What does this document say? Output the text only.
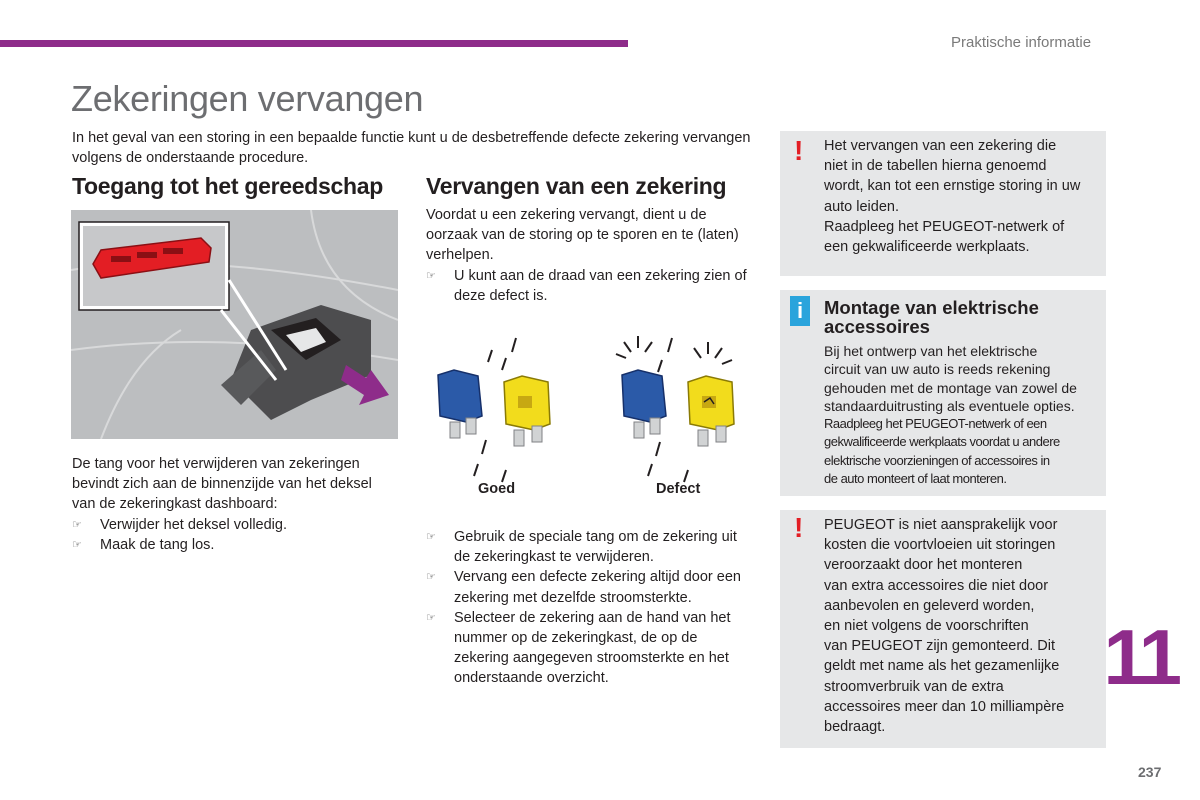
Praktische informatie
Zekeringen vervangen
In het geval van een storing in een bepaalde functie kunt u de desbetreffende defecte zekering vervangen volgens de onderstaande procedure.
Toegang tot het gereedschap
De tang voor het verwijderen van zekeringen bevindt zich aan de binnenzijde van het deksel van de zekeringkast dashboard:
☞ Verwijder het deksel volledig.
☞ Maak de tang los.
Vervangen van een zekering
Voordat u een zekering vervangt, dient u de oorzaak van de storing op te sporen en te (laten) verhelpen.
☞ U kunt aan de draad van een zekering zien of deze defect is.
Goed	Defect
☞ Gebruik de speciale tang om de zekering uit de zekeringkast te verwijderen.
☞ Vervang een defecte zekering altijd door een zekering met dezelfde stroomsterkte.
☞ Selecteer de zekering aan de hand van het nummer op de zekeringkast, de op de zekering aangegeven stroomsterkte en het onderstaande overzicht.
! Het vervangen van een zekering die
niet in de tabellen hierna genoemd
wordt, kan tot een ernstige storing in uw
auto leiden.
Raadpleeg het PEUGEOT-netwerk of
een gekwalificeerde werkplaats.
i	Montage van elektrische
accessoires
Bij het ontwerp van het elektrische
circuit van uw auto is reeds rekening
gehouden met de montage van zowel de
standaarduitrusting als eventuele opties.
Raadpleeg het PEUGEOT-netwerk of een
gekwalificeerde werkplaats voordat u andere
elektrische voorzieningen of accessoires in
de auto monteert of laat monteren.
! PEUGEOT is niet aansprakelijk voor
kosten die voortvloeien uit storingen
veroorzaakt door het monteren
van extra accessoires die niet door
aanbevolen en geleverd worden,
en niet volgens de voorschriften
van PEUGEOT zijn gemonteerd. Dit
geldt met name als het gezamenlijke
stroomverbruik van de extra
accessoires meer dan 10 milliampère
bedraagt.
11
237
